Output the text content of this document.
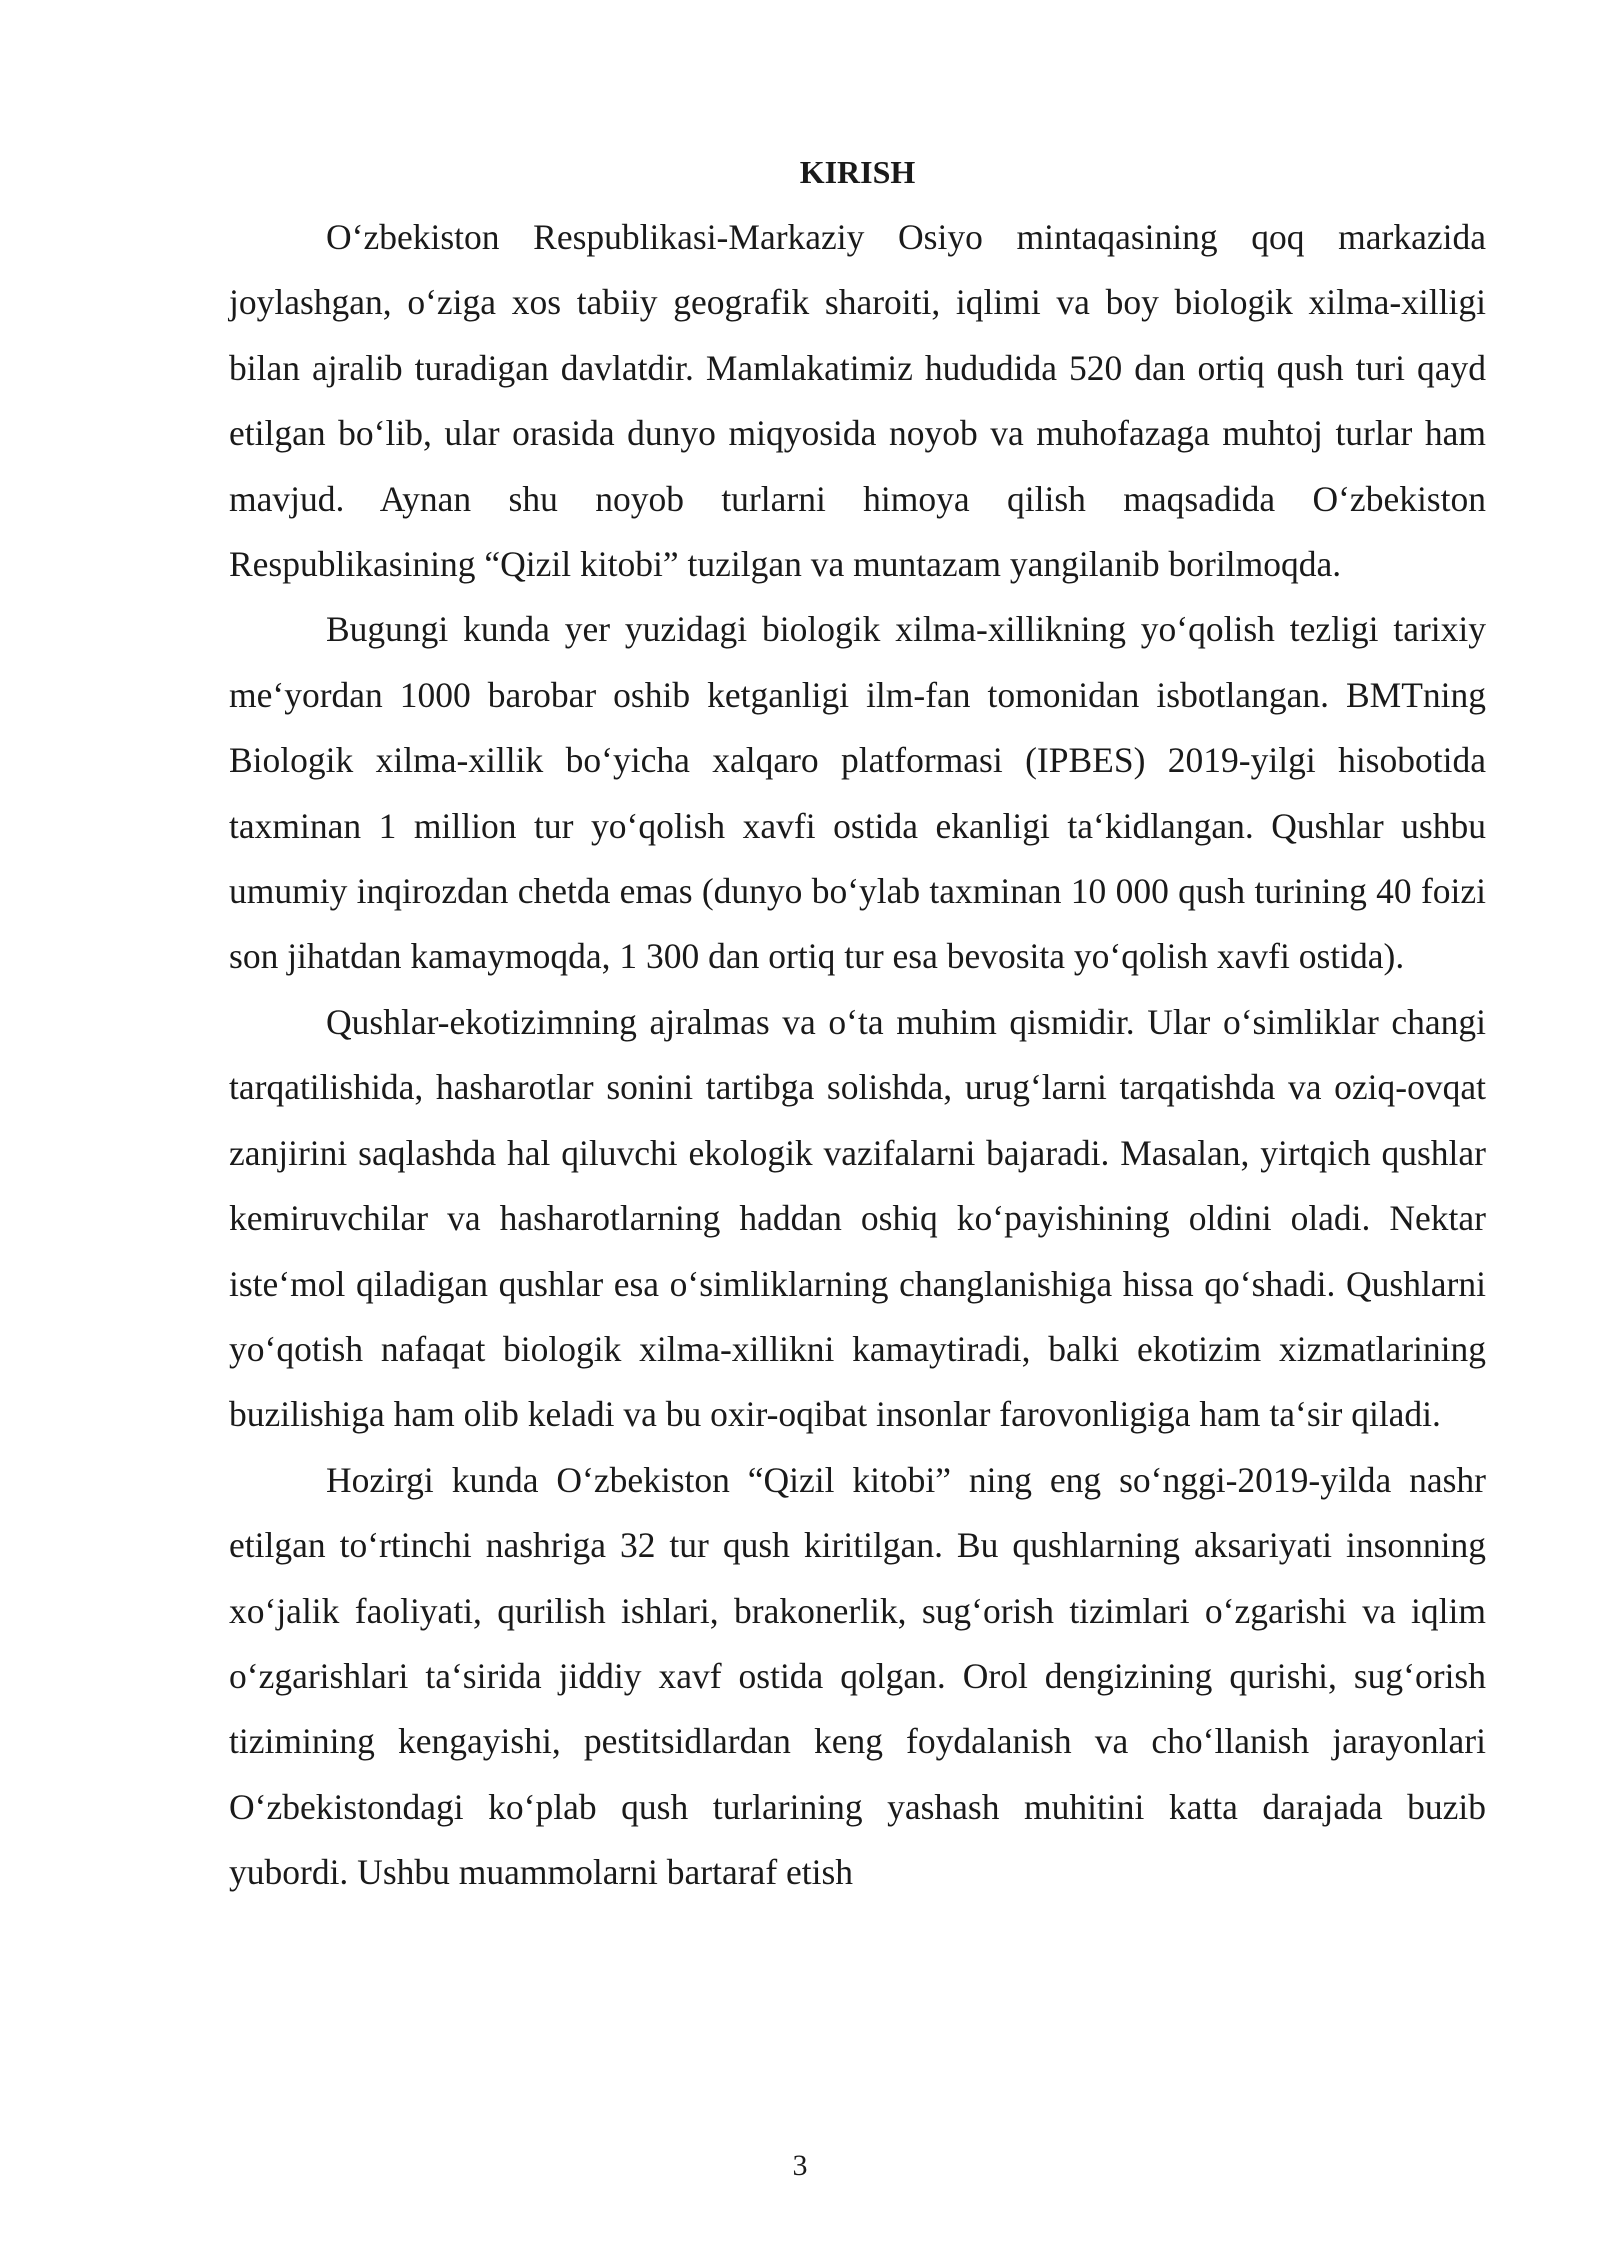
KIRISH

O‘zbekiston Respublikasi-Markaziy Osiyo mintaqasining qoq markazida joylashgan, o‘ziga xos tabiiy geografik sharoiti, iqlimi va boy biologik xilma-xilligi bilan ajralib turadigan davlatdir. Mamlakatimiz hududida 520 dan ortiq qush turi qayd etilgan bo‘lib, ular orasida dunyo miqyosida noyob va muhofazaga muhtoj turlar ham mavjud. Aynan shu noyob turlarni himoya qilish maqsadida O‘zbekiston Respublikasining “Qizil kitobi” tuzilgan va muntazam yangilanib borilmoqda.

Bugungi kunda yer yuzidagi biologik xilma-xillikning yo‘qolish tezligi tarixiy me‘yordan 1000 barobar oshib ketganligi ilm-fan tomonidan isbotlangan. BMTning Biologik xilma-xillik bo‘yicha xalqaro platformasi (IPBES) 2019-yilgi hisobotida taxminan 1 million tur yo‘qolish xavfi ostida ekanligi ta‘kidlangan. Qushlar ushbu umumiy inqirozdan chetda emas (dunyo bo‘ylab taxminan 10 000 qush turining 40 foizi son jihatdan kamaymoqda, 1 300 dan ortiq tur esa bevosita yo‘qolish xavfi ostida).

Qushlar-ekotizimning ajralmas va o‘ta muhim qismidir. Ular o‘simliklar changi tarqatilishida, hasharotlar sonini tartibga solishda, urug‘larni tarqatishda va oziq-ovqat zanjirini saqlashda hal qiluvchi ekologik vazifalarni bajaradi. Masalan, yirtqich qushlar kemiruvchilar va hasharotlarning haddan oshiq ko‘payishining oldini oladi. Nektar iste‘mol qiladigan qushlar esa o‘simliklarning changlanishiga hissa qo‘shadi. Qushlarni yo‘qotish nafaqat biologik xilma-xillikni kamaytiradi, balki ekotizim xizmatlarining buzilishiga ham olib keladi va bu oxir-oqibat insonlar farovonligiga ham ta‘sir qiladi.

Hozirgi kunda O‘zbekiston “Qizil kitobi” ning eng so‘nggi-2019-yilda nashr etilgan to‘rtinchi nashriga 32 tur qush kiritilgan. Bu qushlarning aksariyati insonning xo‘jalik faoliyati, qurilish ishlari, brakonerlik, sug‘orish tizimlari o‘zgarishi va iqlim o‘zgarishlari ta‘sirida jiddiy xavf ostida qolgan. Orol dengizining qurishi, sug‘orish tizimining kengayishi, pestitsidlardan keng foydalanish va cho‘llanish jarayonlari O‘zbekistondagi ko‘plab qush turlarining yashash muhitini katta darajada buzib yubordi. Ushbu muammolarni bartaraf etish

3
